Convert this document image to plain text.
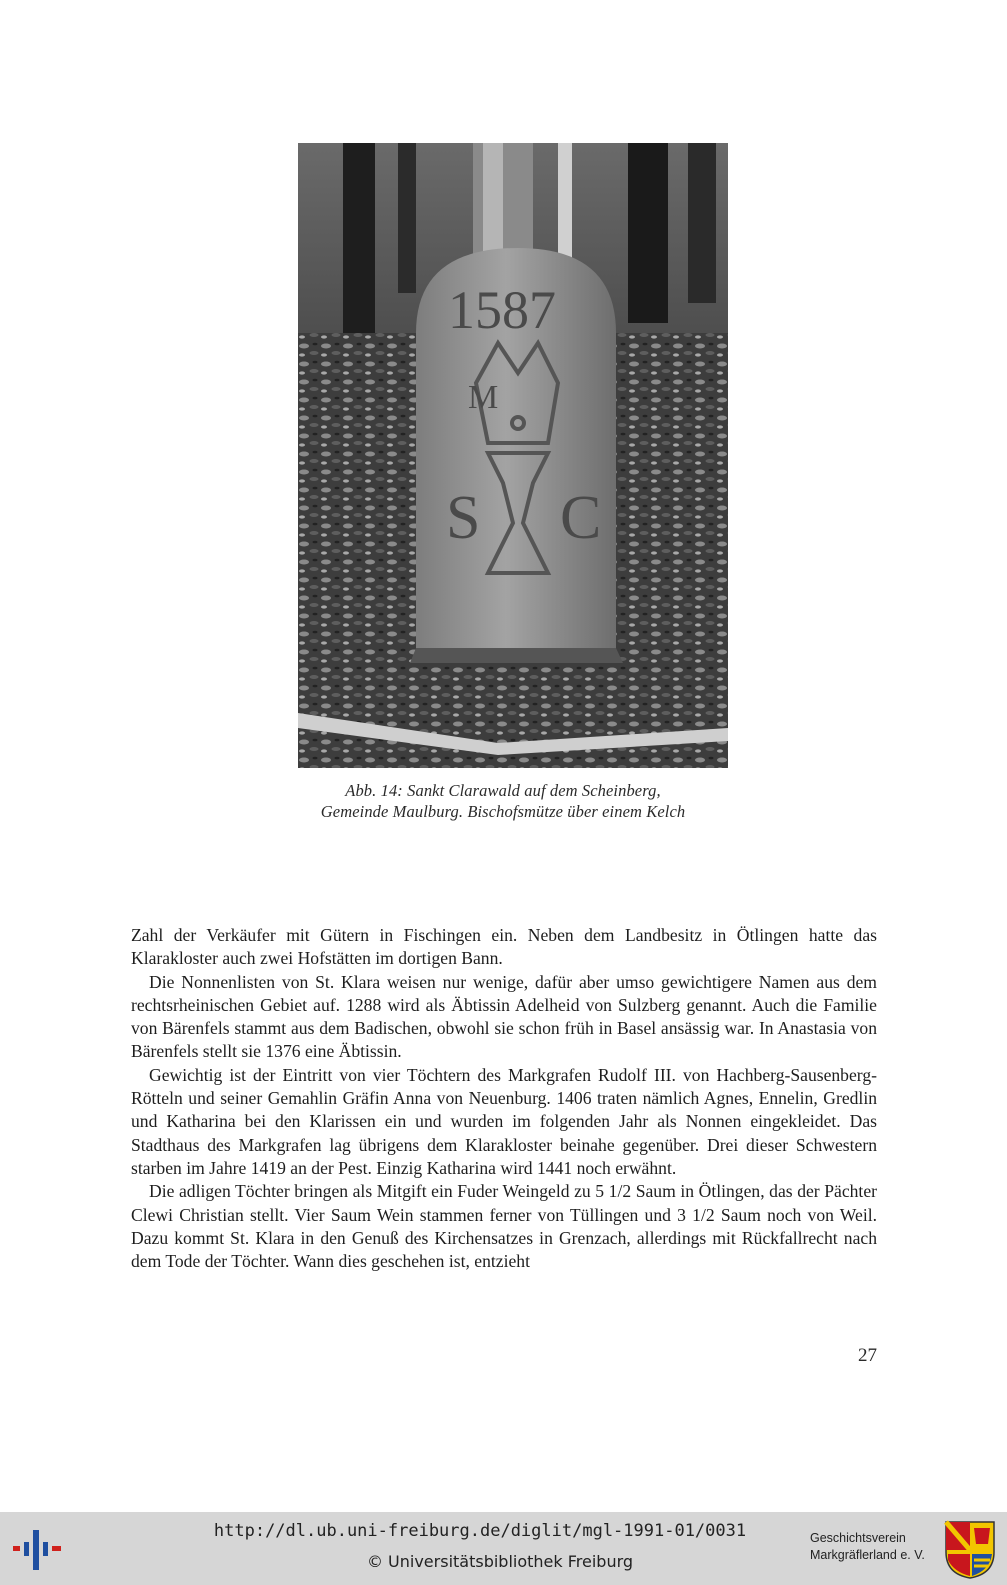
1587
S C
M
Abb. 14: Sankt Clarawald auf dem Scheinberg,
Gemeinde Maulburg. Bischofsmütze über einem Kelch

Zahl der Verkäufer mit Gütern in Fischingen ein. Neben dem Landbesitz in Ötlingen hatte das Klarakloster auch zwei Hofstätten im dortigen Bann.

Die Nonnenlisten von St. Klara weisen nur wenige, dafür aber umso gewichtigere Namen aus dem rechtsrheinischen Gebiet auf. 1288 wird als Äbtissin Adelheid von Sulzberg genannt. Auch die Familie von Bärenfels stammt aus dem Badischen, obwohl sie schon früh in Basel ansässig war. In Anastasia von Bärenfels stellt sie 1376 eine Äbtissin.

Gewichtig ist der Eintritt von vier Töchtern des Markgrafen Rudolf III. von Hachberg-Sausenberg-Rötteln und seiner Gemahlin Gräfin Anna von Neuenburg. 1406 traten nämlich Agnes, Ennelin, Gredlin und Katharina bei den Klarissen ein und wurden im folgenden Jahr als Nonnen eingekleidet. Das Stadthaus des Markgrafen lag übrigens dem Klarakloster beinahe gegenüber. Drei dieser Schwestern starben im Jahre 1419 an der Pest. Einzig Katharina wird 1441 noch erwähnt.

Die adligen Töchter bringen als Mitgift ein Fuder Weingeld zu 5 1/2 Saum in Ötlingen, das der Pächter Clewi Christian stellt. Vier Saum Wein stammen ferner von Tüllingen und 3 1/2 Saum noch von Weil. Dazu kommt St. Klara in den Genuß des Kirchensatzes in Grenzach, allerdings mit Rückfallrecht nach dem Tode der Töchter. Wann dies geschehen ist, entzieht

27
http://dl.ub.uni-freiburg.de/diglit/mgl-1991-01/0031
© Universitätsbibliothek Freiburg
Geschichtsverein
Markgräflerland e. V.
